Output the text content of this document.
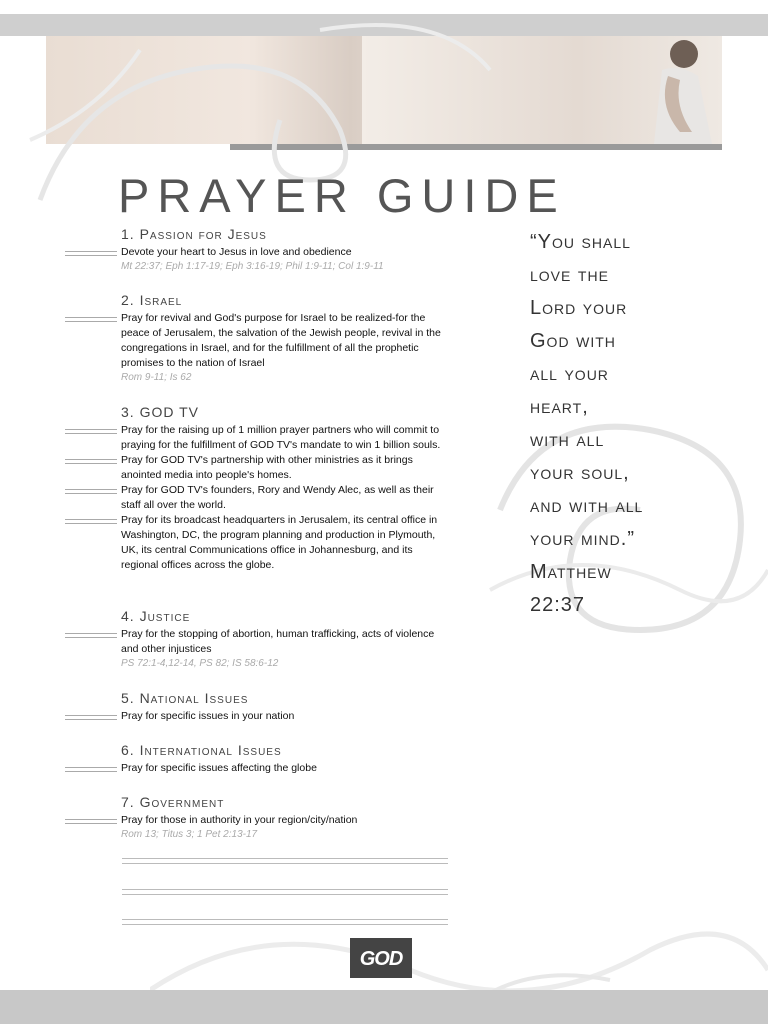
PRAYER GUIDE
1. Passion for Jesus
Devote your heart to Jesus in love and obedience
Mt 22:37; Eph 1:17-19; Eph 3:16-19; Phil 1:9-11; Col 1:9-11
2. Israel
Pray for revival and God's purpose for Israel to be realized-for the peace of Jerusalem, the salvation of the Jewish people, revival in the congregations in Israel, and for the fulfillment of all the prophetic promises to the nation of Israel
Rom 9-11; Is 62
3. GOD TV
Pray for the raising up of 1 million prayer partners who will commit to praying for the fulfillment of GOD TV's mandate to win 1 billion souls.
Pray for GOD TV's partnership with other ministries as it brings anointed media into people's homes.
Pray for GOD TV's founders, Rory and Wendy Alec, as well as their staff all over the world.
Pray for its broadcast headquarters in Jerusalem, its central office in Washington, DC, the program planning and production in Plymouth, UK, its central Communications office in Johannesburg, and its regional offices across the globe.
4. Justice
Pray for the stopping of abortion, human trafficking, acts of violence and other injustices
PS 72:1-4,12-14, PS 82; IS 58:6-12
5. National Issues
Pray for specific issues in your nation
6. International Issues
Pray for specific issues affecting the globe
7. Government
Pray for those in authority in your region/city/nation
Rom 13; Titus 3; 1 Pet 2:13-17
“You shall
love the
Lord your
God with
all your
heart,
with all
your soul,
and with all
your mind.”
Matthew
22:37
GOD
